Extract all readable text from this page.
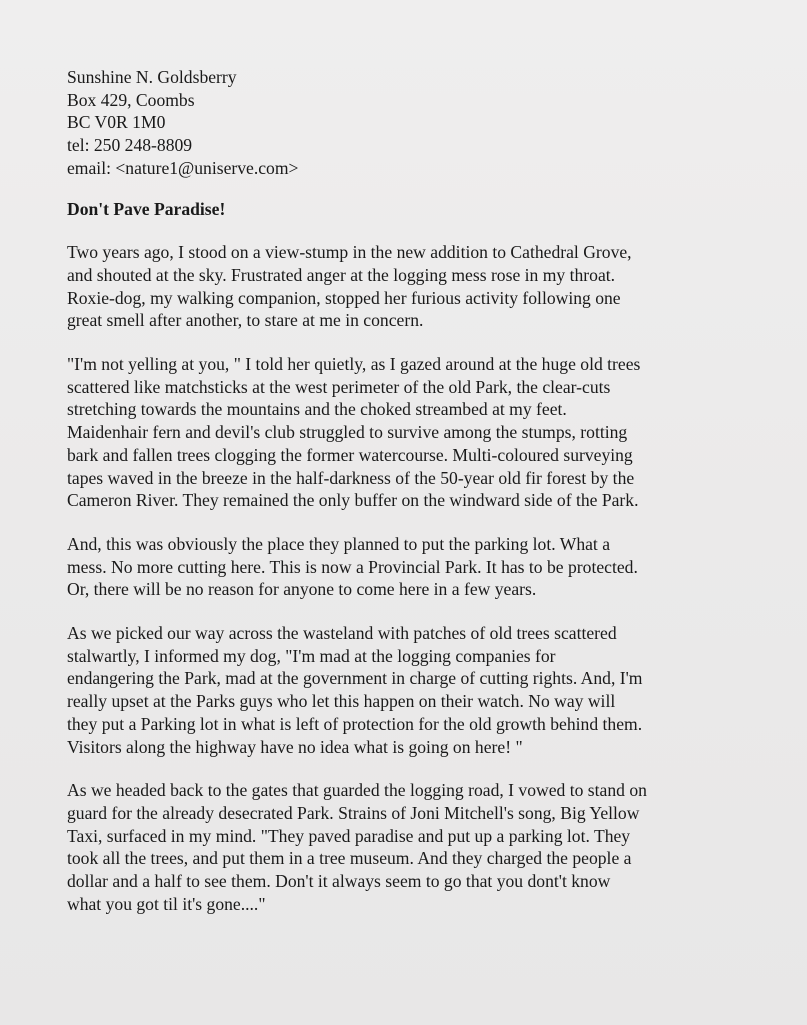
Sunshine N. Goldsberry
Box 429, Coombs
BC V0R 1M0
tel: 250 248-8809
email: <nature1@uniserve.com>
Don't Pave Paradise!
Two years ago, I stood on a view-stump in the new addition to Cathedral Grove,
and shouted at the sky. Frustrated anger at the logging mess rose in my throat.
Roxie-dog, my walking companion, stopped her furious activity following one
great smell after another, to stare at me in concern.
"I'm not yelling at you, " I told her quietly, as I gazed around at the huge old trees
scattered like matchsticks at the west perimeter of the old Park, the clear-cuts
stretching towards the mountains and the choked streambed at my feet.
Maidenhair fern and devil's club struggled to survive among the stumps, rotting
bark and fallen trees clogging the former watercourse. Multi-coloured surveying
tapes waved in the breeze in the half-darkness of the 50-year old fir forest by the
Cameron River. They remained the only buffer on the windward side of the Park.
And, this was obviously the place they planned to put the parking lot. What a
mess. No more cutting here. This is now a Provincial Park. It has to be protected.
Or, there will be no reason for anyone to come here in a few years.
As we picked our way across the wasteland with patches of old trees scattered
stalwartly, I informed my dog, "I'm mad at the logging companies for
endangering the Park, mad at the government in charge of cutting rights. And, I'm
really upset at the Parks guys who let this happen on their watch. No way will
they put a Parking lot in what is left of protection for the old growth behind them.
Visitors along the highway have no idea what is going on here! "
As we headed back to the gates that guarded the logging road, I vowed to stand on
guard for the already desecrated Park. Strains of Joni Mitchell's song, Big Yellow
Taxi, surfaced in my mind. "They paved paradise and put up a parking lot. They
took all the trees, and put them in a tree museum. And they charged the people a
dollar and a half to see them. Don't it always seem to go that you dont't know
what you got til it's gone...."
